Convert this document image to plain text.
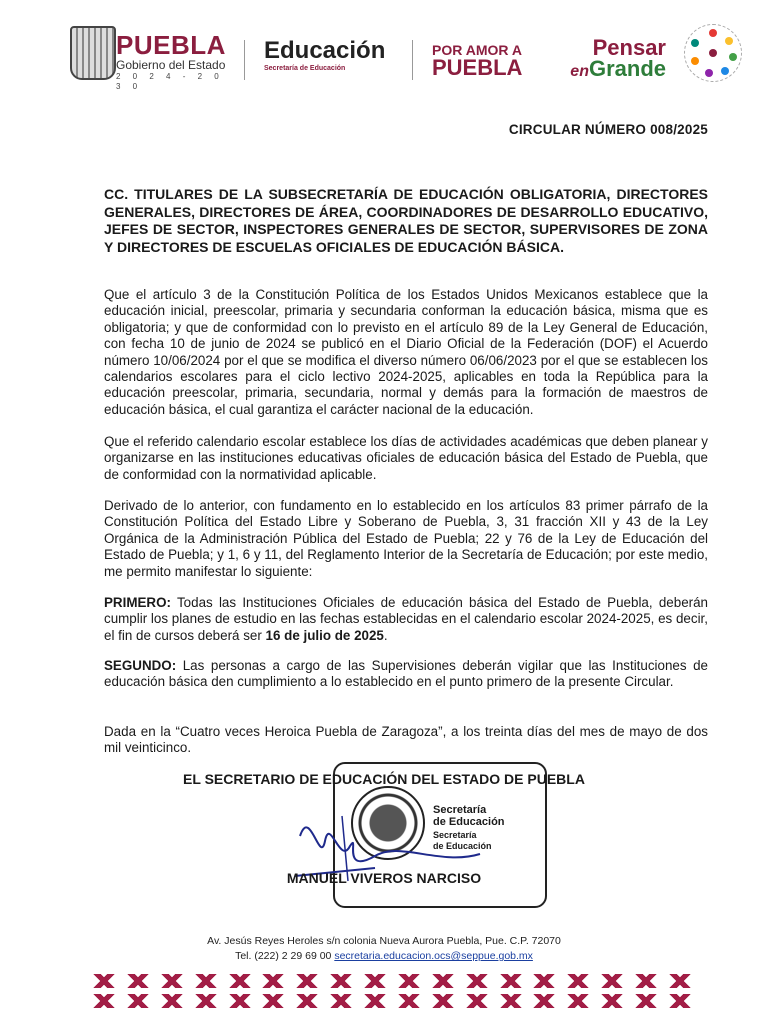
PUEBLA
Gobierno del Estado
2 0 2 4 - 2 0 3 0
Educación
Secretaría de Educación
POR AMOR A
PUEBLA
Pensar
enGrande
CIRCULAR NÚMERO 008/2025
CC. TITULARES DE LA SUBSECRETARÍA DE EDUCACIÓN OBLIGATORIA, DIRECTORES GENERALES, DIRECTORES DE ÁREA, COORDINADORES DE DESARROLLO EDUCATIVO, JEFES DE SECTOR, INSPECTORES GENERALES DE SECTOR, SUPERVISORES DE ZONA Y DIRECTORES DE ESCUELAS OFICIALES DE EDUCACIÓN BÁSICA.
Que el artículo 3 de la Constitución Política de los Estados Unidos Mexicanos establece que la educación inicial, preescolar, primaria y secundaria conforman la educación básica, misma que es obligatoria; y que de conformidad con lo previsto en el artículo 89 de la Ley General de Educación, con fecha 10 de junio de 2024 se publicó en el Diario Oficial de la Federación (DOF) el Acuerdo número 10/06/2024 por el que se modifica el diverso número 06/06/2023 por el que se establecen los calendarios escolares para el ciclo lectivo 2024-2025, aplicables en toda la República para la educación preescolar, primaria, secundaria, normal y demás para la formación de maestros de educación básica, el cual garantiza el carácter nacional de la educación.
Que el referido calendario escolar establece los días de actividades académicas que deben planear y organizarse en las instituciones educativas oficiales de educación básica del Estado de Puebla, que de conformidad con la normatividad aplicable.
Derivado de lo anterior, con fundamento en lo establecido en los artículos 83 primer párrafo de la Constitución Política del Estado Libre y Soberano de Puebla, 3, 31 fracción XII y 43 de la Ley Orgánica de la Administración Pública del Estado de Puebla; 22 y 76 de la Ley de Educación del Estado de Puebla; y 1, 6 y 11, del Reglamento Interior de la Secretaría de Educación; por este medio, me permito manifestar lo siguiente:
PRIMERO: Todas las Instituciones Oficiales de educación básica del Estado de Puebla, deberán cumplir los planes de estudio en las fechas establecidas en el calendario escolar 2024-2025, es decir, el fin de cursos deberá ser 16 de julio de 2025.
SEGUNDO: Las personas a cargo de las Supervisiones deberán vigilar que las Instituciones de educación básica den cumplimiento a lo establecido en el punto primero de la presente Circular.
Dada en la “Cuatro veces Heroica Puebla de Zaragoza”, a los treinta días del mes de mayo de dos mil veinticinco.
Secretaría
de Educación
Secretaría
de Educación
EL SECRETARIO DE EDUCACIÓN DEL ESTADO DE PUEBLA
MANUEL VIVEROS NARCISO
Av. Jesús Reyes Heroles s/n colonia Nueva Aurora Puebla, Pue. C.P. 72070
Tel. (222) 2 29 69 00 secretaria.educacion.ocs@seppue.gob.mx
